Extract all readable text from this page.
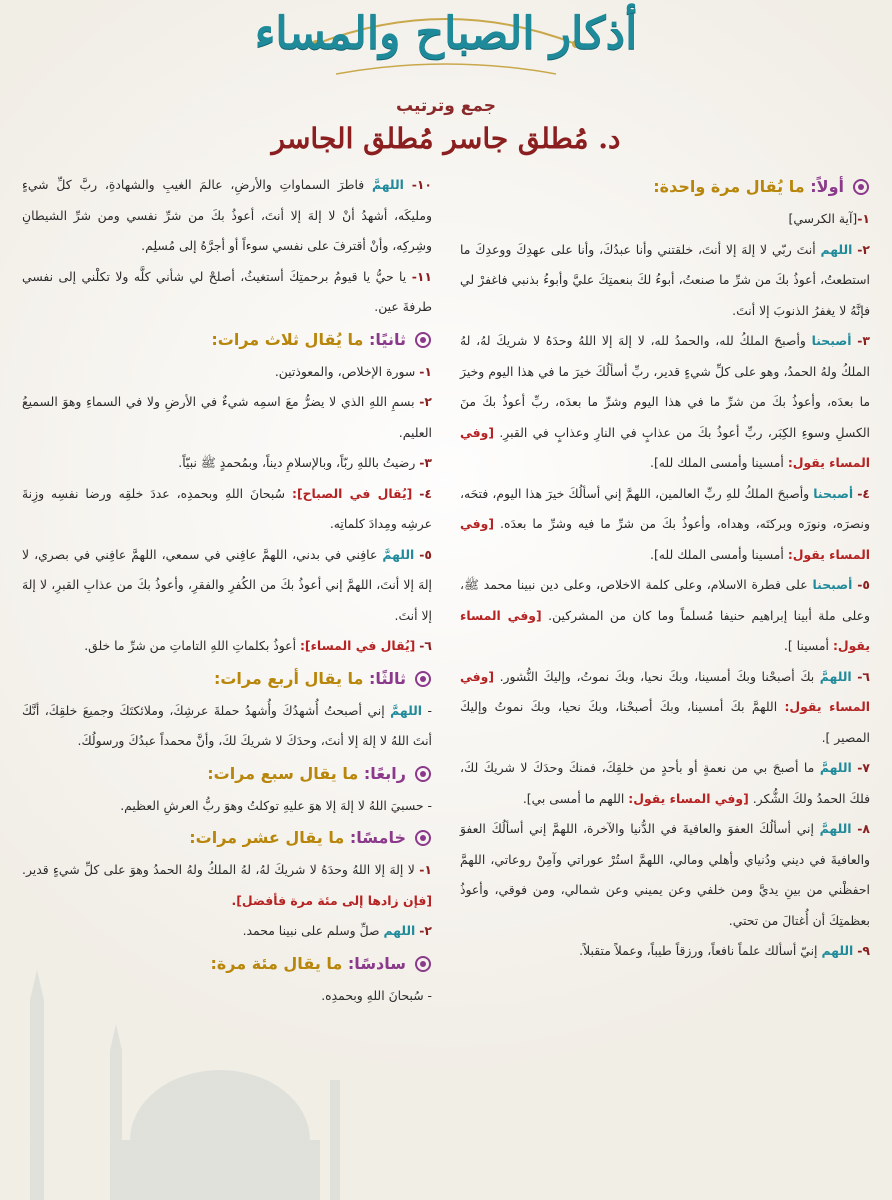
أذكار الصباح والمساء
جمع وترتيب
د. مُطلق جاسر مُطلق الجاسر
أولاً: ما يُقال مرة واحدة:

١-[آية الكرسي]

٢- اللهم أنتَ ربّي لا إلهَ إلا أنتَ، خلقتني وأنا عبدُكَ، وأنا على عهدِكَ ووعدِكَ ما استطعتُ، أعوذُ بكَ من شرِّ ما صنعتُ، أبوءُ لكَ بنعمتِكَ عليَّ وأبوءُ بذنبي فاغفرْ لي فإنَّهُ لا يغفرُ الذنوبَ إلا أنتَ.

٣- أصبحنا وأصبحَ الملكُ لله، والحمدُ لله، لا إلهَ إلا اللهُ وحدَهُ لا شريكَ لهُ، لهُ الملكُ ولهُ الحمدُ، وهو على كلِّ شيءٍ قدير، ربِّ أسألُكَ خيرَ ما في هذا اليوم وخيرَ ما بعدَه، وأعوذُ بكَ من شرِّ ما في هذا اليوم وشرِّ ما بعدَه، ربِّ أعوذُ بكَ منَ الكسلِ وسوءِ الكِبَر، ربِّ أعوذُ بكَ من عذابٍ في النارِ وعذابٍ في القبرِ. [وفي المساء يقول: أمسينا وأمسى الملك لله].

٤- أصبحنا وأصبحَ الملكُ للهِ ربِّ العالمين، اللهمَّ إني أسألُكَ خيرَ هذا اليوم، فتحَه، ونصرَه، ونورَه وبركتَه، وهداه، وأعوذُ بكَ من شرِّ ما فيه وشرِّ ما بعدَه. [وفي المساء يقول: أمسينا وأمسى الملك لله].

٥- أصبحنا على فطرة الاسلام، وعلى كلمة الاخلاص، وعلى دين نبينا محمد ﷺ، وعلى ملة أبينا إبراهيم حنيفا مُسلماً وما كان من المشركين. [وفي المساء يقول: أمسينا ].

٦- اللهمَّ بكَ أصبحْنا وبكَ أمسينا، وبكَ نحيا، وبكَ نموتُ، وإليكَ النُّشور. [وفي المساء يقول: اللهمَّ بكَ أمسينا، وبكَ أصبحْنا، وبكَ نحيا، وبكَ نموتُ وإليكَ المصير ].

٧- اللهمَّ ما أصبحَ بي من نعمةٍ أو بأحدٍ من خلقِكَ، فمنكَ وحدَكَ لا شريكَ لكَ، فلكَ الحمدُ ولكَ الشُّكر. [وفي المساء يقول: اللهم ما أمسى بي].

٨- اللهمَّ إني أسألُكَ العفوَ والعافيةَ في الدُّنيا والآخرة، اللهمَّ إني أسألُكَ العفوَ والعافيةَ في ديني ودُنياي وأهلي ومالي، اللهمَّ استُرْ عوراتي وآمِنْ روعاتي، اللهمَّ احفظْني من بينِ يديَّ ومن خلفي وعن يميني وعن شمالي، ومن فوقي، وأعوذُ بعظمتِكَ أن أُغتالَ من تحتي.

٩- اللهم إنيّ أسألك علماً نافعاً، ورزقاً طيباً، وعملاً متقبلاً.

١٠- اللهمَّ فاطرَ السماواتِ والأرضِ، عالمَ الغيبِ والشهادةِ، ربَّ كلِّ شيءٍ ومليكَه، أشهدُ أنْ لا إلهَ إلا أنتَ، أعوذُ بكَ من شرِّ نفسي ومن شرِّ الشيطانِ وشِركِه، وأنْ أقترفَ على نفسي سوءاً أو أجرَّهُ إلى مُسلِم.

١١- يا حيُّ يا قيومُ برحمتِكَ أستغيثُ، أصلحْ لي شأني كلَّه ولا تكلْني إلى نفسي طرفةَ عين.

ثانيًا: ما يُقال ثلاث مرات:

١- سورة الإخلاص، والمعوذتين.

٢- بسمِ اللهِ الذي لا يضرُّ معَ اسمِه شيءٌ في الأرضِ ولا في السماءِ وهوَ السميعُ العليم.

٣- رضيتُ باللهِ ربّاً، وبالإسلامِ ديناً، وبمُحمدٍ ﷺ نبيّاً.

٤- [يُقال في الصباح]: سُبحانَ اللهِ وبحمدِه، عددَ خلقِه ورضا نفسِه وزِنةَ عرشِه ومِدادَ كلماتِه.

٥- اللهمَّ عافِني في بدني، اللهمَّ عافِني في سمعي، اللهمَّ عافِني في بصري، لا إلهَ إلا أنتَ، اللهمَّ إني أعوذُ بكَ من الكُفرِ والفقرِ، وأعوذُ بكَ من عذابِ القبرِ، لا إلهَ إلا أنتَ.

٦- [يُقال في المساء]: أعوذُ بكلماتِ اللهِ التاماتِ من شرِّ ما خلق.

ثالثًا: ما يقال أربع مرات:

- اللهمَّ إني أصبحتُ أُشهدُكَ وأُشهدُ حملةَ عرشِكَ، وملائكتَكَ وجميعَ خلقِكَ، أنَّكَ أنتَ اللهُ لا إلهَ إلا أنتَ، وحدَكَ لا شريكَ لكَ، وأنَّ محمداً عبدُكَ ورسولُكَ.

رابعًا: ما يقال سبع مرات:

- حسبيَ اللهُ لا إلهَ إلا هوَ عليهِ توكلتُ وهوَ ربُّ العرشِ العظيم.

خامسًا: ما يقال عشر مرات:

١- لا إلهَ إلا اللهُ وحدَهُ لا شريكَ لهُ، لهُ الملكُ ولهُ الحمدُ وهوَ على كلِّ شيءٍ قدير. [فإن زادها إلى مئة مرة فأفضل].

٢- اللهم صلِّ وسلم على نبينا محمد.

سادسًا: ما يقال مئة مرة:

- سُبحانَ اللهِ وبحمدِه.
